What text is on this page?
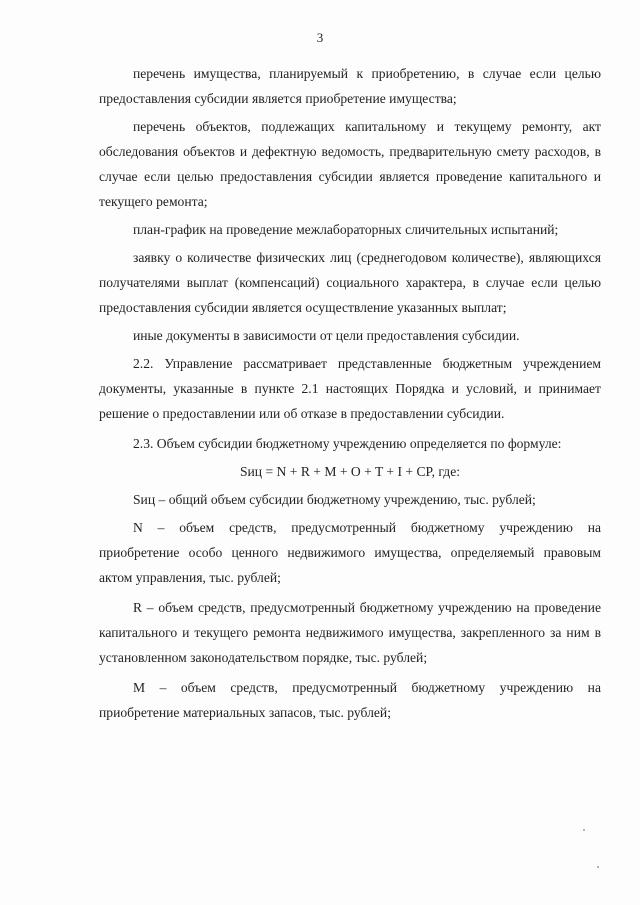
3

перечень имущества, планируемый к приобретению, в случае если целью предоставления субсидии является приобретение имущества;

перечень объектов, подлежащих капитальному и текущему ремонту, акт обследования объектов и дефектную ведомость, предварительную смету расходов, в случае если целью предоставления субсидии является проведение капитального и текущего ремонта;

план-график на проведение межлабораторных сличительных испытаний;

заявку о количестве физических лиц (среднегодовом количестве), являющихся получателями выплат (компенсаций) социального характера, в случае если целью предоставления субсидии является осуществление указанных выплат;

иные документы в зависимости от цели предоставления субсидии.

2.2. Управление рассматривает представленные бюджетным учреждением документы, указанные в пункте 2.1 настоящих Порядка и условий, и принимает решение о предоставлении или об отказе в предоставлении субсидии.

2.3. Объем субсидии бюджетному учреждению определяется по формуле:

Sиц = N + R + M + O + T + I + CP, где:

Sиц – общий объем субсидии бюджетному учреждению, тыс. рублей;

N – объем средств, предусмотренный бюджетному учреждению на приобретение особо ценного недвижимого имущества, определяемый правовым актом управления, тыс. рублей;

R – объем средств, предусмотренный бюджетному учреждению на проведение капитального и текущего ремонта недвижимого имущества, закрепленного за ним в установленном законодательством порядке, тыс. рублей;

M – объем средств, предусмотренный бюджетному учреждению на приобретение материальных запасов, тыс. рублей;
